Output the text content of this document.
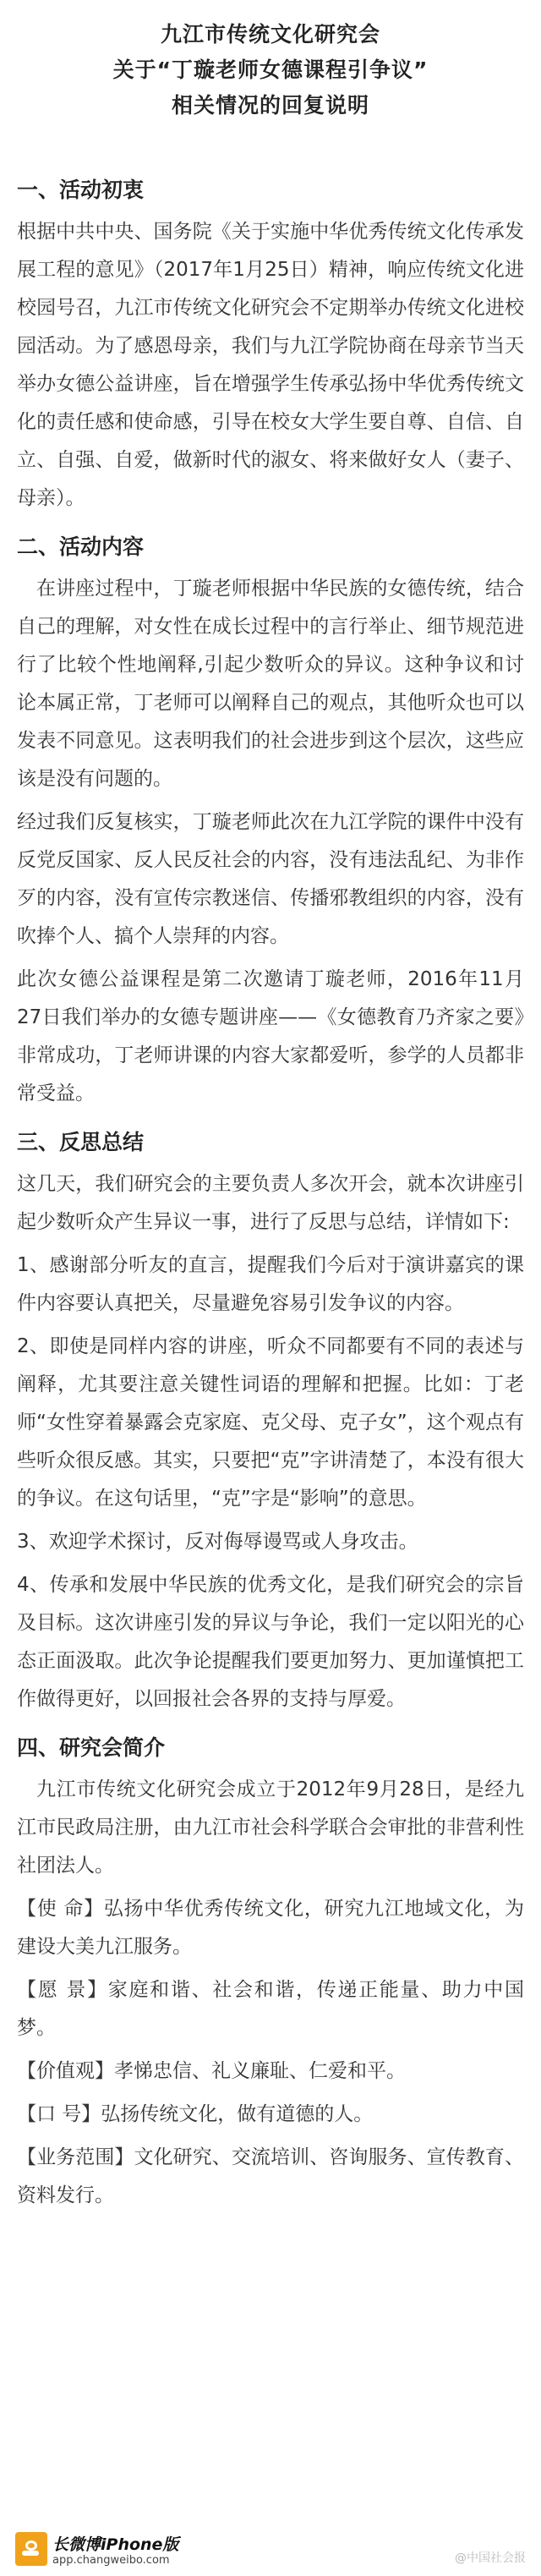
九江市传统文化研究会
关于“丁璇老师女德课程引争议”
相关情况的回复说明
一、活动初衷

根据中共中央、国务院《关于实施中华优秀传统文化传承发展工程的意见》（2017年1月25日）精神，响应传统文化进校园号召，九江市传统文化研究会不定期举办传统文化进校园活动。为了感恩母亲，我们与九江学院协商在母亲节当天举办女德公益讲座，旨在增强学生传承弘扬中华优秀传统文化的责任感和使命感，引导在校女大学生要自尊、自信、自立、自强、自爱，做新时代的淑女、将来做好女人（妻子、母亲）。

二、活动内容

在讲座过程中，丁璇老师根据中华民族的女德传统，结合自己的理解，对女性在成长过程中的言行举止、细节规范进行了比较个性地阐释,引起少数听众的异议。这种争议和讨论本属正常，丁老师可以阐释自己的观点，其他听众也可以发表不同意见。这表明我们的社会进步到这个层次，这些应该是没有问题的。

经过我们反复核实，丁璇老师此次在九江学院的课件中没有反党反国家、反人民反社会的内容，没有违法乱纪、为非作歹的内容，没有宣传宗教迷信、传播邪教组织的内容，没有吹捧个人、搞个人崇拜的内容。

此次女德公益课程是第二次邀请丁璇老师，2016年11月27日我们举办的女德专题讲座——《女德教育乃齐家之要》非常成功，丁老师讲课的内容大家都爱听，参学的人员都非常受益。

三、反思总结

这几天，我们研究会的主要负责人多次开会，就本次讲座引起少数听众产生异议一事，进行了反思与总结，详情如下:

1、感谢部分听友的直言，提醒我们今后对于演讲嘉宾的课件内容要认真把关，尽量避免容易引发争议的内容。

2、即使是同样内容的讲座，听众不同都要有不同的表述与阐释，尤其要注意关键性词语的理解和把握。比如：丁老师“女性穿着暴露会克家庭、克父母、克子女”，这个观点有些听众很反感。其实，只要把“克”字讲清楚了，本没有很大的争议。在这句话里，“克”字是“影响”的意思。

3、欢迎学术探讨，反对侮辱谩骂或人身攻击。

4、传承和发展中华民族的优秀文化，是我们研究会的宗旨及目标。这次讲座引发的异议与争论，我们一定以阳光的心态正面汲取。此次争论提醒我们要更加努力、更加谨慎把工作做得更好，以回报社会各界的支持与厚爱。

四、研究会简介

九江市传统文化研究会成立于2012年9月28日，是经九江市民政局注册，由九江市社会科学联合会审批的非营利性社团法人。

【使 命】弘扬中华优秀传统文化，研究九江地域文化，为建设大美九江服务。

【愿 景】家庭和谐、社会和谐，传递正能量、助力中国梦。

【价值观】孝悌忠信、礼义廉耻、仁爱和平。

【口 号】弘扬传统文化，做有道德的人。

【业务范围】文化研究、交流培训、咨询服务、宣传教育、资料发行。

长微博iPhone版
app.changweibo.com	@中国社会报
